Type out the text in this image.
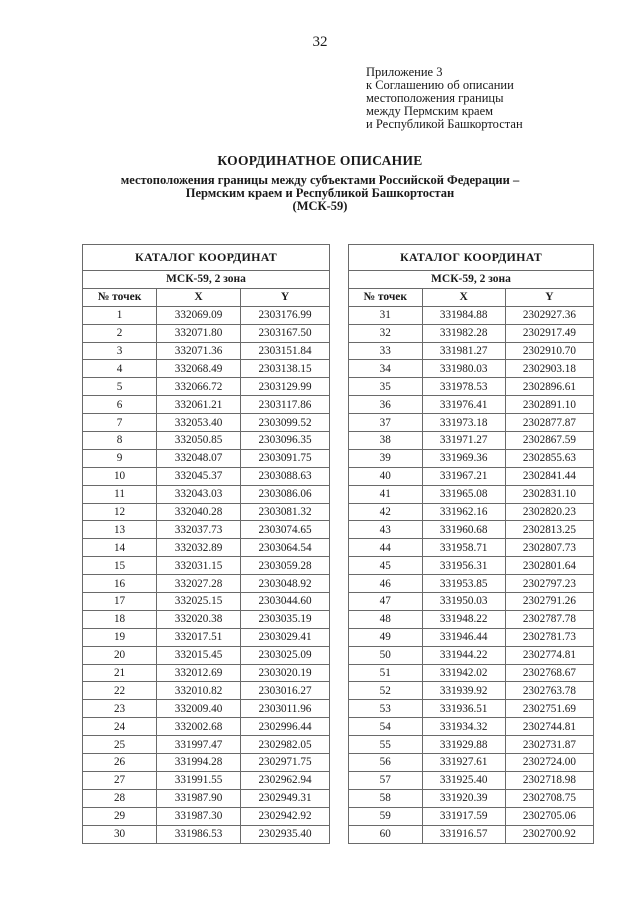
32
Приложение 3
к Соглашению об описании
местоположения границы
между Пермским краем
и Республикой Башкортостан
КООРДИНАТНОЕ ОПИСАНИЕ
местоположения границы между субъектами Российской Федерации –
Пермским краем и Республикой Башкортостан
(МСК-59)
КАТАЛОГ КООРДИНАТ		
МСК-59, 2 зона		
№ точек	X	Y
1	332069.09	2303176.99
2	332071.80	2303167.50
3	332071.36	2303151.84
4	332068.49	2303138.15
5	332066.72	2303129.99
6	332061.21	2303117.86
7	332053.40	2303099.52
8	332050.85	2303096.35
9	332048.07	2303091.75
10	332045.37	2303088.63
11	332043.03	2303086.06
12	332040.28	2303081.32
13	332037.73	2303074.65
14	332032.89	2303064.54
15	332031.15	2303059.28
16	332027.28	2303048.92
17	332025.15	2303044.60
18	332020.38	2303035.19
19	332017.51	2303029.41
20	332015.45	2303025.09
21	332012.69	2303020.19
22	332010.82	2303016.27
23	332009.40	2303011.96
24	332002.68	2302996.44
25	331997.47	2302982.05
26	331994.28	2302971.75
27	331991.55	2302962.94
28	331987.90	2302949.31
29	331987.30	2302942.92
30	331986.53	2302935.40
КАТАЛОГ КООРДИНАТ		
МСК-59, 2 зона		
№ точек	X	Y
31	331984.88	2302927.36
32	331982.28	2302917.49
33	331981.27	2302910.70
34	331980.03	2302903.18
35	331978.53	2302896.61
36	331976.41	2302891.10
37	331973.18	2302877.87
38	331971.27	2302867.59
39	331969.36	2302855.63
40	331967.21	2302841.44
41	331965.08	2302831.10
42	331962.16	2302820.23
43	331960.68	2302813.25
44	331958.71	2302807.73
45	331956.31	2302801.64
46	331953.85	2302797.23
47	331950.03	2302791.26
48	331948.22	2302787.78
49	331946.44	2302781.73
50	331944.22	2302774.81
51	331942.02	2302768.67
52	331939.92	2302763.78
53	331936.51	2302751.69
54	331934.32	2302744.81
55	331929.88	2302731.87
56	331927.61	2302724.00
57	331925.40	2302718.98
58	331920.39	2302708.75
59	331917.59	2302705.06
60	331916.57	2302700.92
